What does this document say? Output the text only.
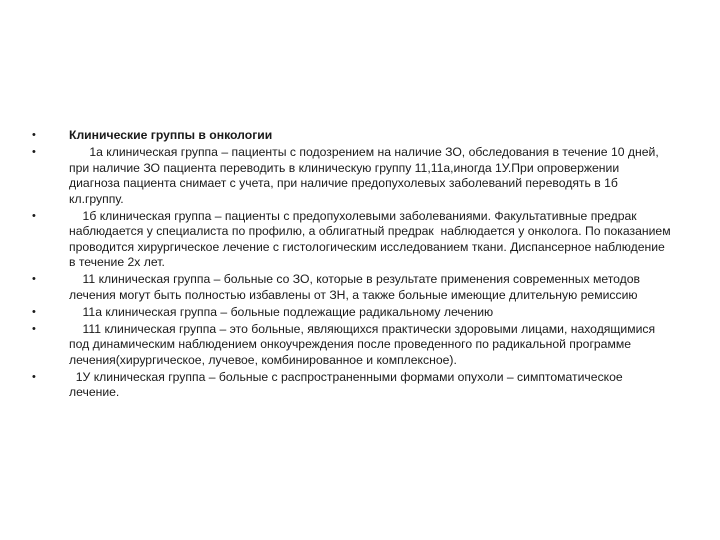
•	Клинические группы в онкологии
•	1а клиническая группа – пациенты с подозрением на наличие ЗО, обследования в течение 10 дней, при наличие ЗО пациента переводить в клиническую группу 11,11а,иногда 1У.При опровержении диагноза пациента снимает с учета, при наличие предопухолевых заболеваний переводять в 1б кл.группу.
•	1б клиническая группа – пациенты с предопухолевыми заболеваниями. Факультативные предрак наблюдается у специалиста по профилю, а облигатный предрак  наблюдается у онколога. По показанием проводится хирургическое лечение с гистологическим исследованием ткани. Диспансерное наблюдение в течение 2х лет.
•	11 клиническая группа – больные со ЗО, которые в результате применения современных методов лечения могут быть полностью избавлены от ЗН, а также больные имеющие длительную ремиссию
•	11а клиническая группа – больные подлежащие радикальному лечению
•	111 клиническая группа – это больные, являющихся практически здоровыми лицами, находящимися под динамическим наблюдением онкоучреждения после проведенного по радикальной программе лечения(хирургическое, лучевое, комбинированное и комплексное).
•	1У клиническая группа – больные с распространенными формами опухоли – симптоматическое лечение.
